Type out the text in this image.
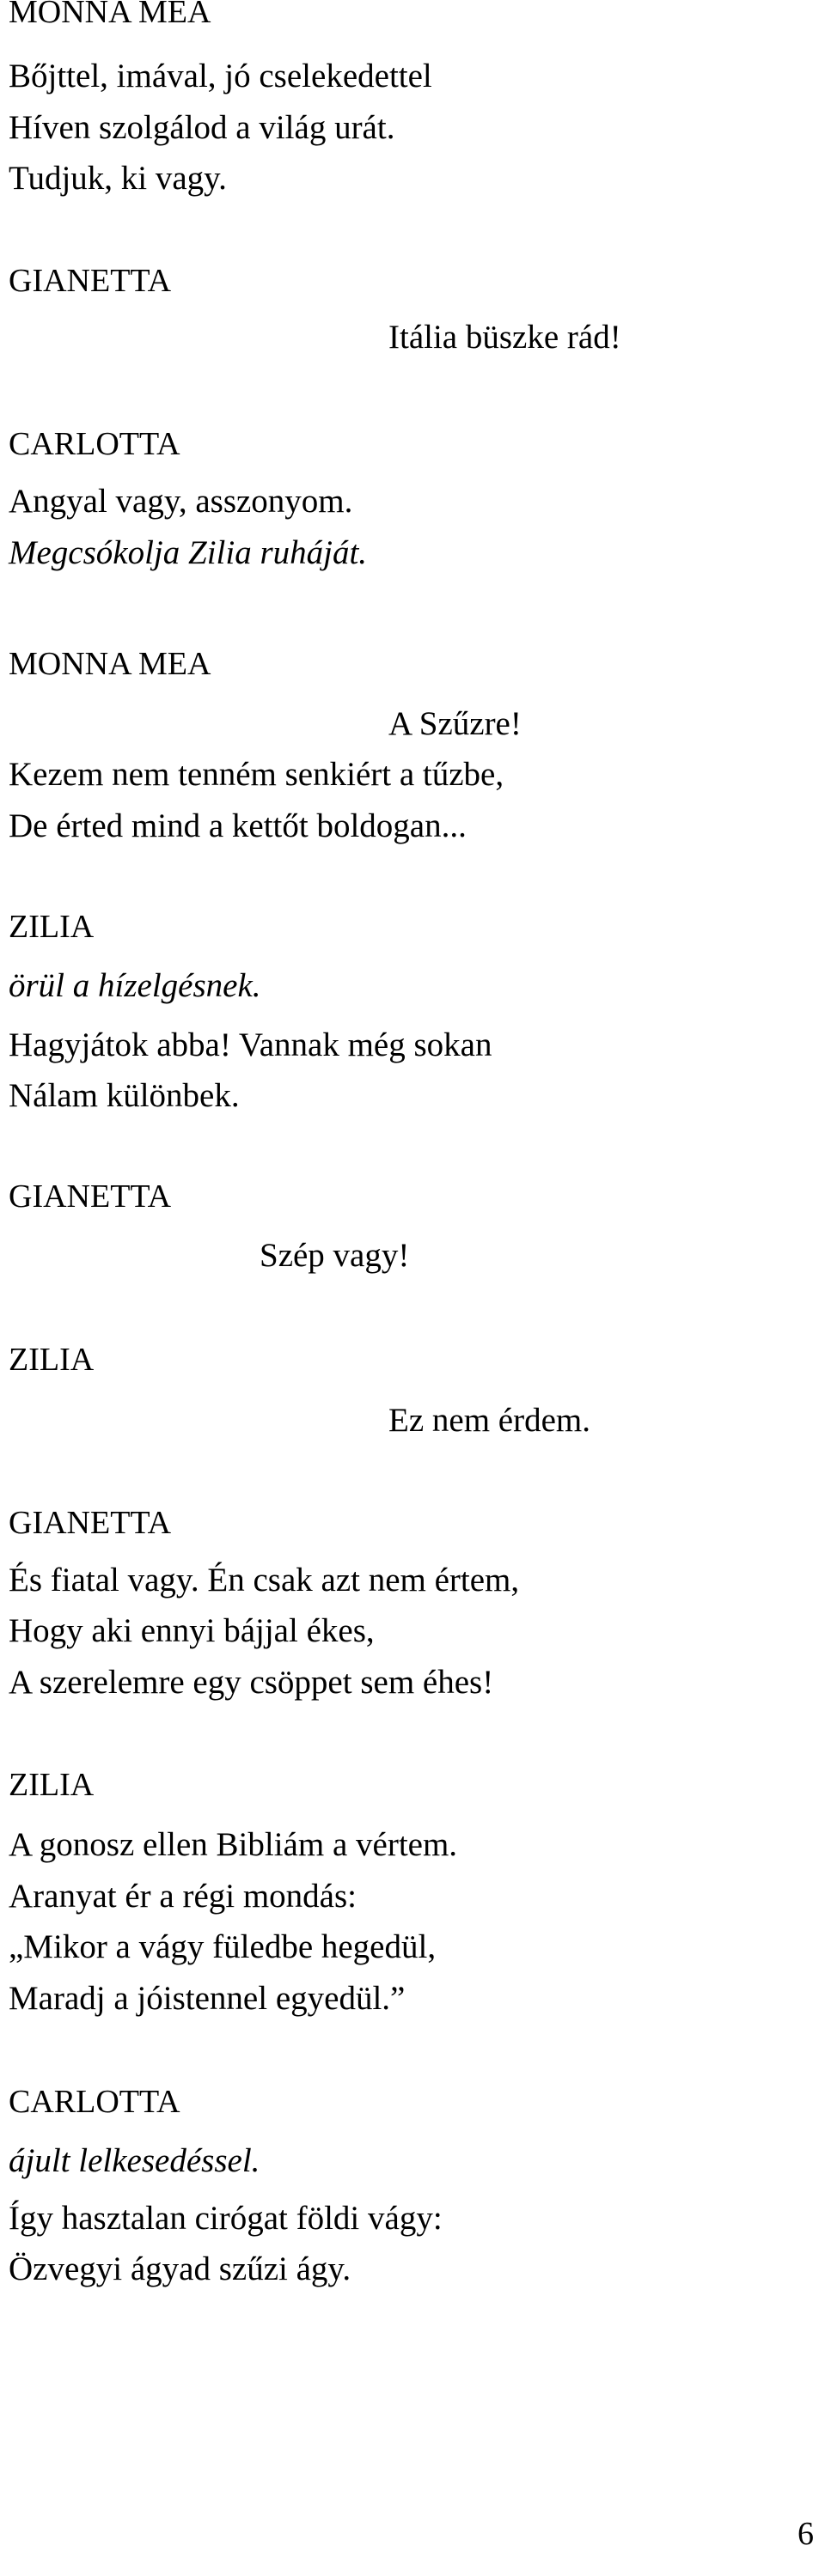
MONNA MEA

Bőjttel, imával, jó cselekedettel

Híven szolgálod a világ urát.

Tudjuk, ki vagy.

GIANETTA

Itália büszke rád!

CARLOTTA

Angyal vagy, asszonyom.

Megcsókolja Zilia ruháját.

MONNA MEA

A Szűzre!

Kezem nem tenném senkiért a tűzbe,

De érted mind a kettőt boldogan...

ZILIA

örül a hízelgésnek.

Hagyjátok abba! Vannak még sokan

Nálam különbek.

GIANETTA

Szép vagy!

ZILIA

Ez nem érdem.

GIANETTA

És fiatal vagy. Én csak azt nem értem,

Hogy aki ennyi bájjal ékes,

A szerelemre egy csöppet sem éhes!

ZILIA

A gonosz ellen Bibliám a vértem.

Aranyat ér a régi mondás:

„Mikor a vágy füledbe hegedül,

Maradj a jóistennel egyedül.”

CARLOTTA

ájult lelkesedéssel.

Így hasztalan cirógat földi vágy:

Özvegyi ágyad szűzi ágy.

6
